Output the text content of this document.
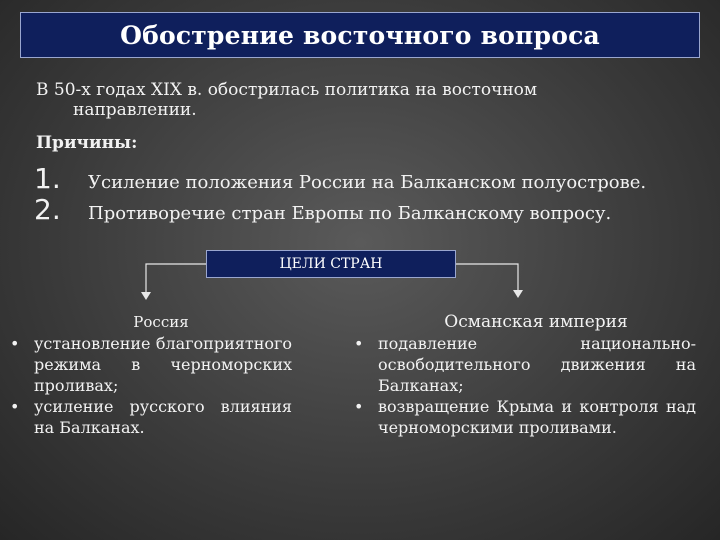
Обострение восточного вопроса
В 50-х годах XIX в. обострилась политика на восточном
направлении.
Причины:
1.	Усиление положения России на Балканском полуострове.
2.	Противоречие стран Европы по Балканскому вопросу.
ЦЕЛИ СТРАН
Россия
• установление благоприятного режима в черноморских проливах;
• усиление русского влияния на Балканах.
Османская империя
• подавление национально-освободительного движения на Балканах;
• возвращение Крыма и контроля над черноморскими проливами.
